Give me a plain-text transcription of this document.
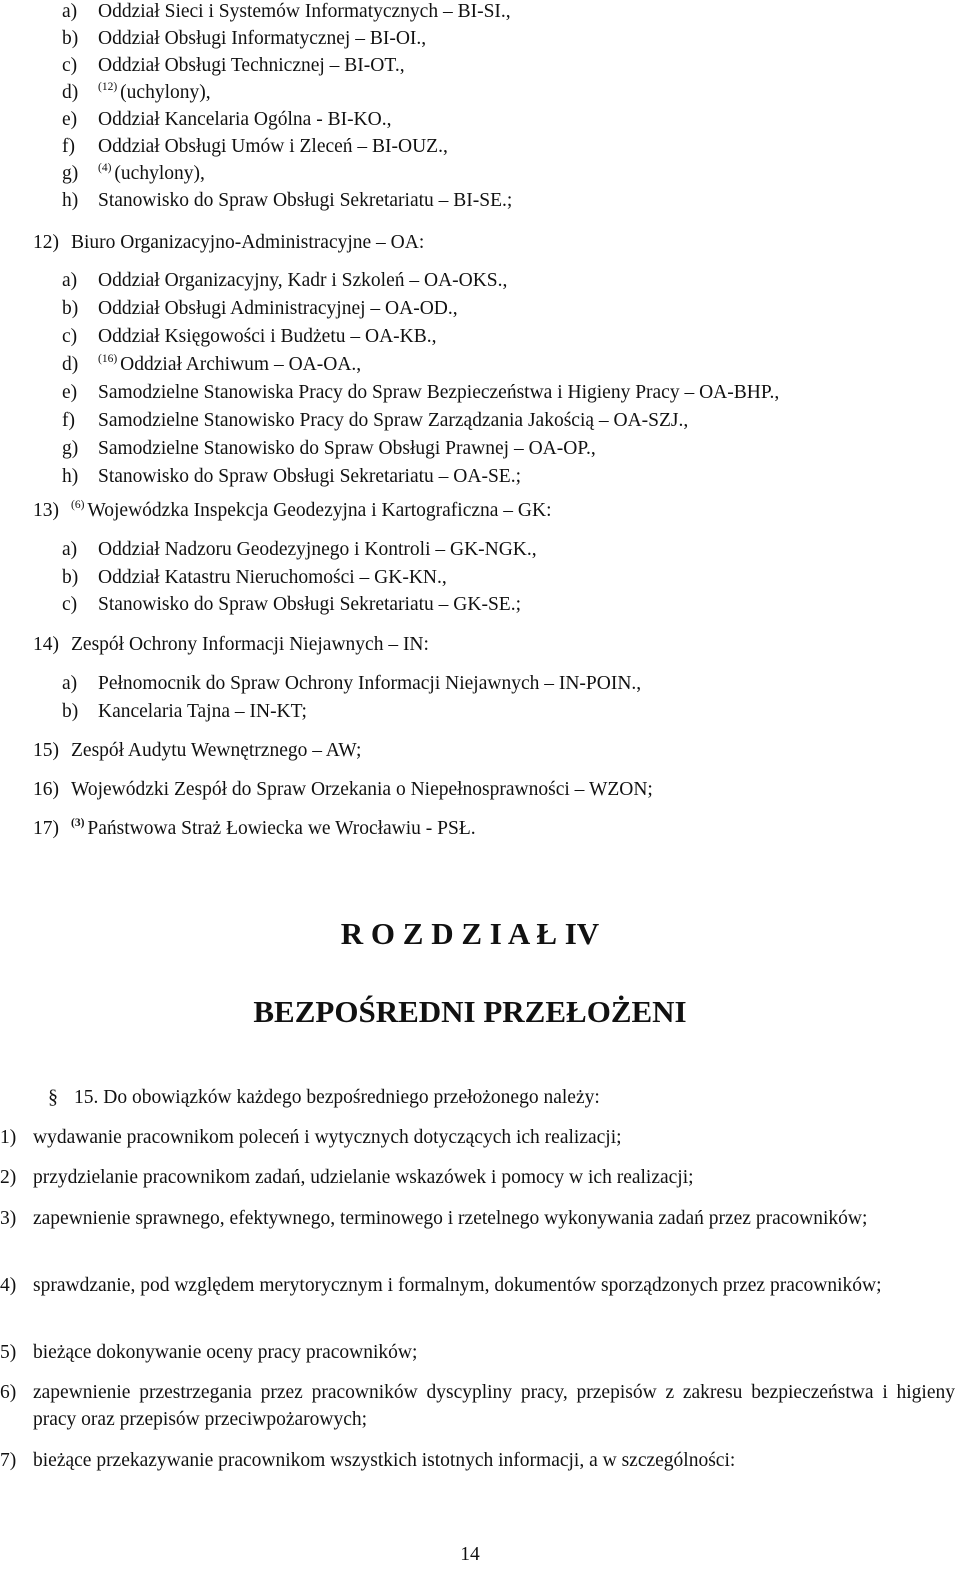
a) Oddział Sieci i Systemów Informatycznych – BI-SI.,
b) Oddział Obsługi Informatycznej – BI-OI.,
c) Oddział Obsługi Technicznej – BI-OT.,
d) $^{(12)}$ (uchylony),
e) Oddział Kancelaria Ogólna - BI-KO.,
f) Oddział Obsługi Umów i Zleceń – BI-OUZ.,
g) $^{(4)}$ (uchylony),
h) Stanowisko do Spraw Obsługi Sekretariatu – BI-SE.;
12) Biuro Organizacyjno-Administracyjne – OA:
a) Oddział Organizacyjny, Kadr i Szkoleń – OA-OKS.,
b) Oddział Obsługi Administracyjnej – OA-OD.,
c) Oddział Księgowości i Budżetu – OA-KB.,
d) $^{(16)}$ Oddział Archiwum – OA-OA.,
e) Samodzielne Stanowiska Pracy do Spraw Bezpieczeństwa i Higieny Pracy – OA-BHP.,
f) Samodzielne Stanowisko Pracy do Spraw Zarządzania Jakością – OA-SZJ.,
g) Samodzielne Stanowisko do Spraw Obsługi Prawnej – OA-OP.,
h) Stanowisko do Spraw Obsługi Sekretariatu – OA-SE.;
13) $^{(6)}$ Wojewódzka Inspekcja Geodezyjna i Kartograficzna – GK:
a) Oddział Nadzoru Geodezyjnego i Kontroli – GK-NGK.,
b) Oddział Katastru Nieruchomości – GK-KN.,
c) Stanowisko do Spraw Obsługi Sekretariatu – GK-SE.;
14) Zespół Ochrony Informacji Niejawnych – IN:
a) Pełnomocnik do Spraw Ochrony Informacji Niejawnych – IN-POIN.,
b) Kancelaria Tajna – IN-KT;
15) Zespół Audytu Wewnętrznego – AW;
16) Wojewódzki Zespół do Spraw Orzekania o Niepełnosprawności – WZON;
17) $^{(3)}$ Państwowa Straż Łowiecka we Wrocławiu - PSŁ.
R O Z D Z I A Ł IV
BEZPOŚREDNI PRZEŁOŻENI
§ 15. Do obowiązków każdego bezpośredniego przełożonego należy:
1) wydawanie pracownikom poleceń i wytycznych dotyczących ich realizacji;
2) przydzielanie pracownikom zadań, udzielanie wskazówek i pomocy w ich realizacji;
3) zapewnienie sprawnego, efektywnego, terminowego i rzetelnego wykonywania zadań przez pracowników;
4) sprawdzanie, pod względem merytorycznym i formalnym, dokumentów sporządzonych przez pracowników;
5) bieżące dokonywanie oceny pracy pracowników;
6) zapewnienie przestrzegania przez pracowników dyscypliny pracy, przepisów z zakresu bezpieczeństwa i higieny pracy oraz przepisów przeciwpożarowych;
7) bieżące przekazywanie pracownikom wszystkich istotnych informacji, a w szczególności:
14
